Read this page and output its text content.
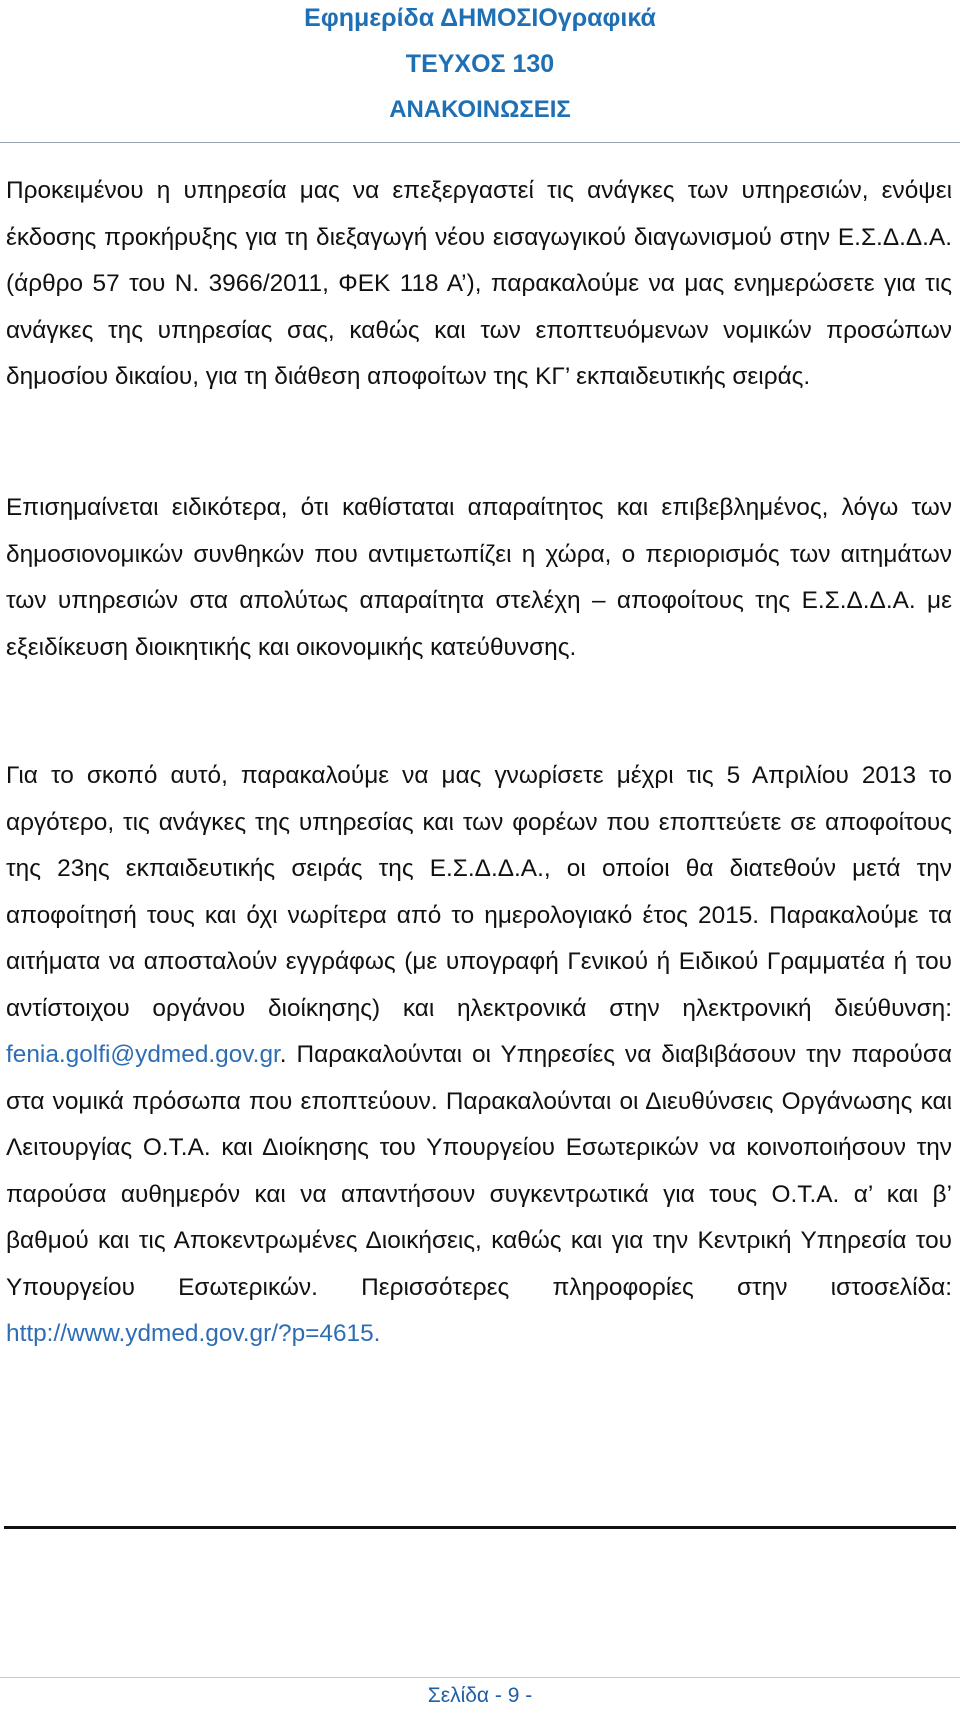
Εφημερίδα ΔΗΜΟΣΙΟγραφικά
ΤΕΥΧΟΣ 130
ΑΝΑΚΟΙΝΩΣΕΙΣ
Προκειμένου η υπηρεσία μας να επεξεργαστεί τις ανάγκες των υπηρεσιών, ενόψει έκδοσης προκήρυξης για τη διεξαγωγή νέου εισαγωγικού διαγωνισμού στην Ε.Σ.Δ.Δ.Α. (άρθρο 57 του Ν. 3966/2011, ΦΕΚ 118 Α’), παρακαλούμε να μας ενημερώσετε για τις ανάγκες της υπηρεσίας σας, καθώς και των εποπτευόμενων νομικών προσώπων δημοσίου δικαίου, για τη διάθεση αποφοίτων της ΚΓ’ εκπαιδευτικής σειράς.
Επισημαίνεται ειδικότερα, ότι καθίσταται απαραίτητος και επιβεβλημένος, λόγω των δημοσιονομικών συνθηκών που αντιμετωπίζει η χώρα, ο περιορισμός των αιτημάτων των υπηρεσιών στα απολύτως απαραίτητα στελέχη – αποφοίτους της Ε.Σ.Δ.Δ.Α. με εξειδίκευση διοικητικής και οικονομικής κατεύθυνσης.
Για το σκοπό αυτό, παρακαλούμε να μας γνωρίσετε μέχρι τις 5 Απριλίου 2013 το αργότερο, τις ανάγκες της υπηρεσίας και των φορέων που εποπτεύετε σε αποφοίτους της 23ης εκπαιδευτικής σειράς της Ε.Σ.Δ.Δ.Α., οι οποίοι θα διατεθούν μετά την αποφοίτησή τους και όχι νωρίτερα από το ημερολογιακό έτος 2015. Παρακαλούμε τα αιτήματα να αποσταλούν εγγράφως (με υπογραφή Γενικού ή Ειδικού Γραμματέα ή του αντίστοιχου οργάνου διοίκησης) και ηλεκτρονικά στην ηλεκτρονική διεύθυνση: fenia.golfi@ydmed.gov.gr. Παρακαλούνται οι Υπηρεσίες να διαβιβάσουν την παρούσα στα νομικά πρόσωπα που εποπτεύουν. Παρακαλούνται οι Διευθύνσεις Οργάνωσης και Λειτουργίας Ο.Τ.Α. και Διοίκησης του Υπουργείου Εσωτερικών να κοινοποιήσουν την παρούσα αυθημερόν και να απαντήσουν συγκεντρωτικά για τους Ο.Τ.Α. α’ και β’ βαθμού και τις Αποκεντρωμένες Διοικήσεις, καθώς και για την Κεντρική Υπηρεσία του Υπουργείου Εσωτερικών. Περισσότερες πληροφορίες στην ιστοσελίδα: http://www.ydmed.gov.gr/?p=4615.
Σελίδα - 9 -
